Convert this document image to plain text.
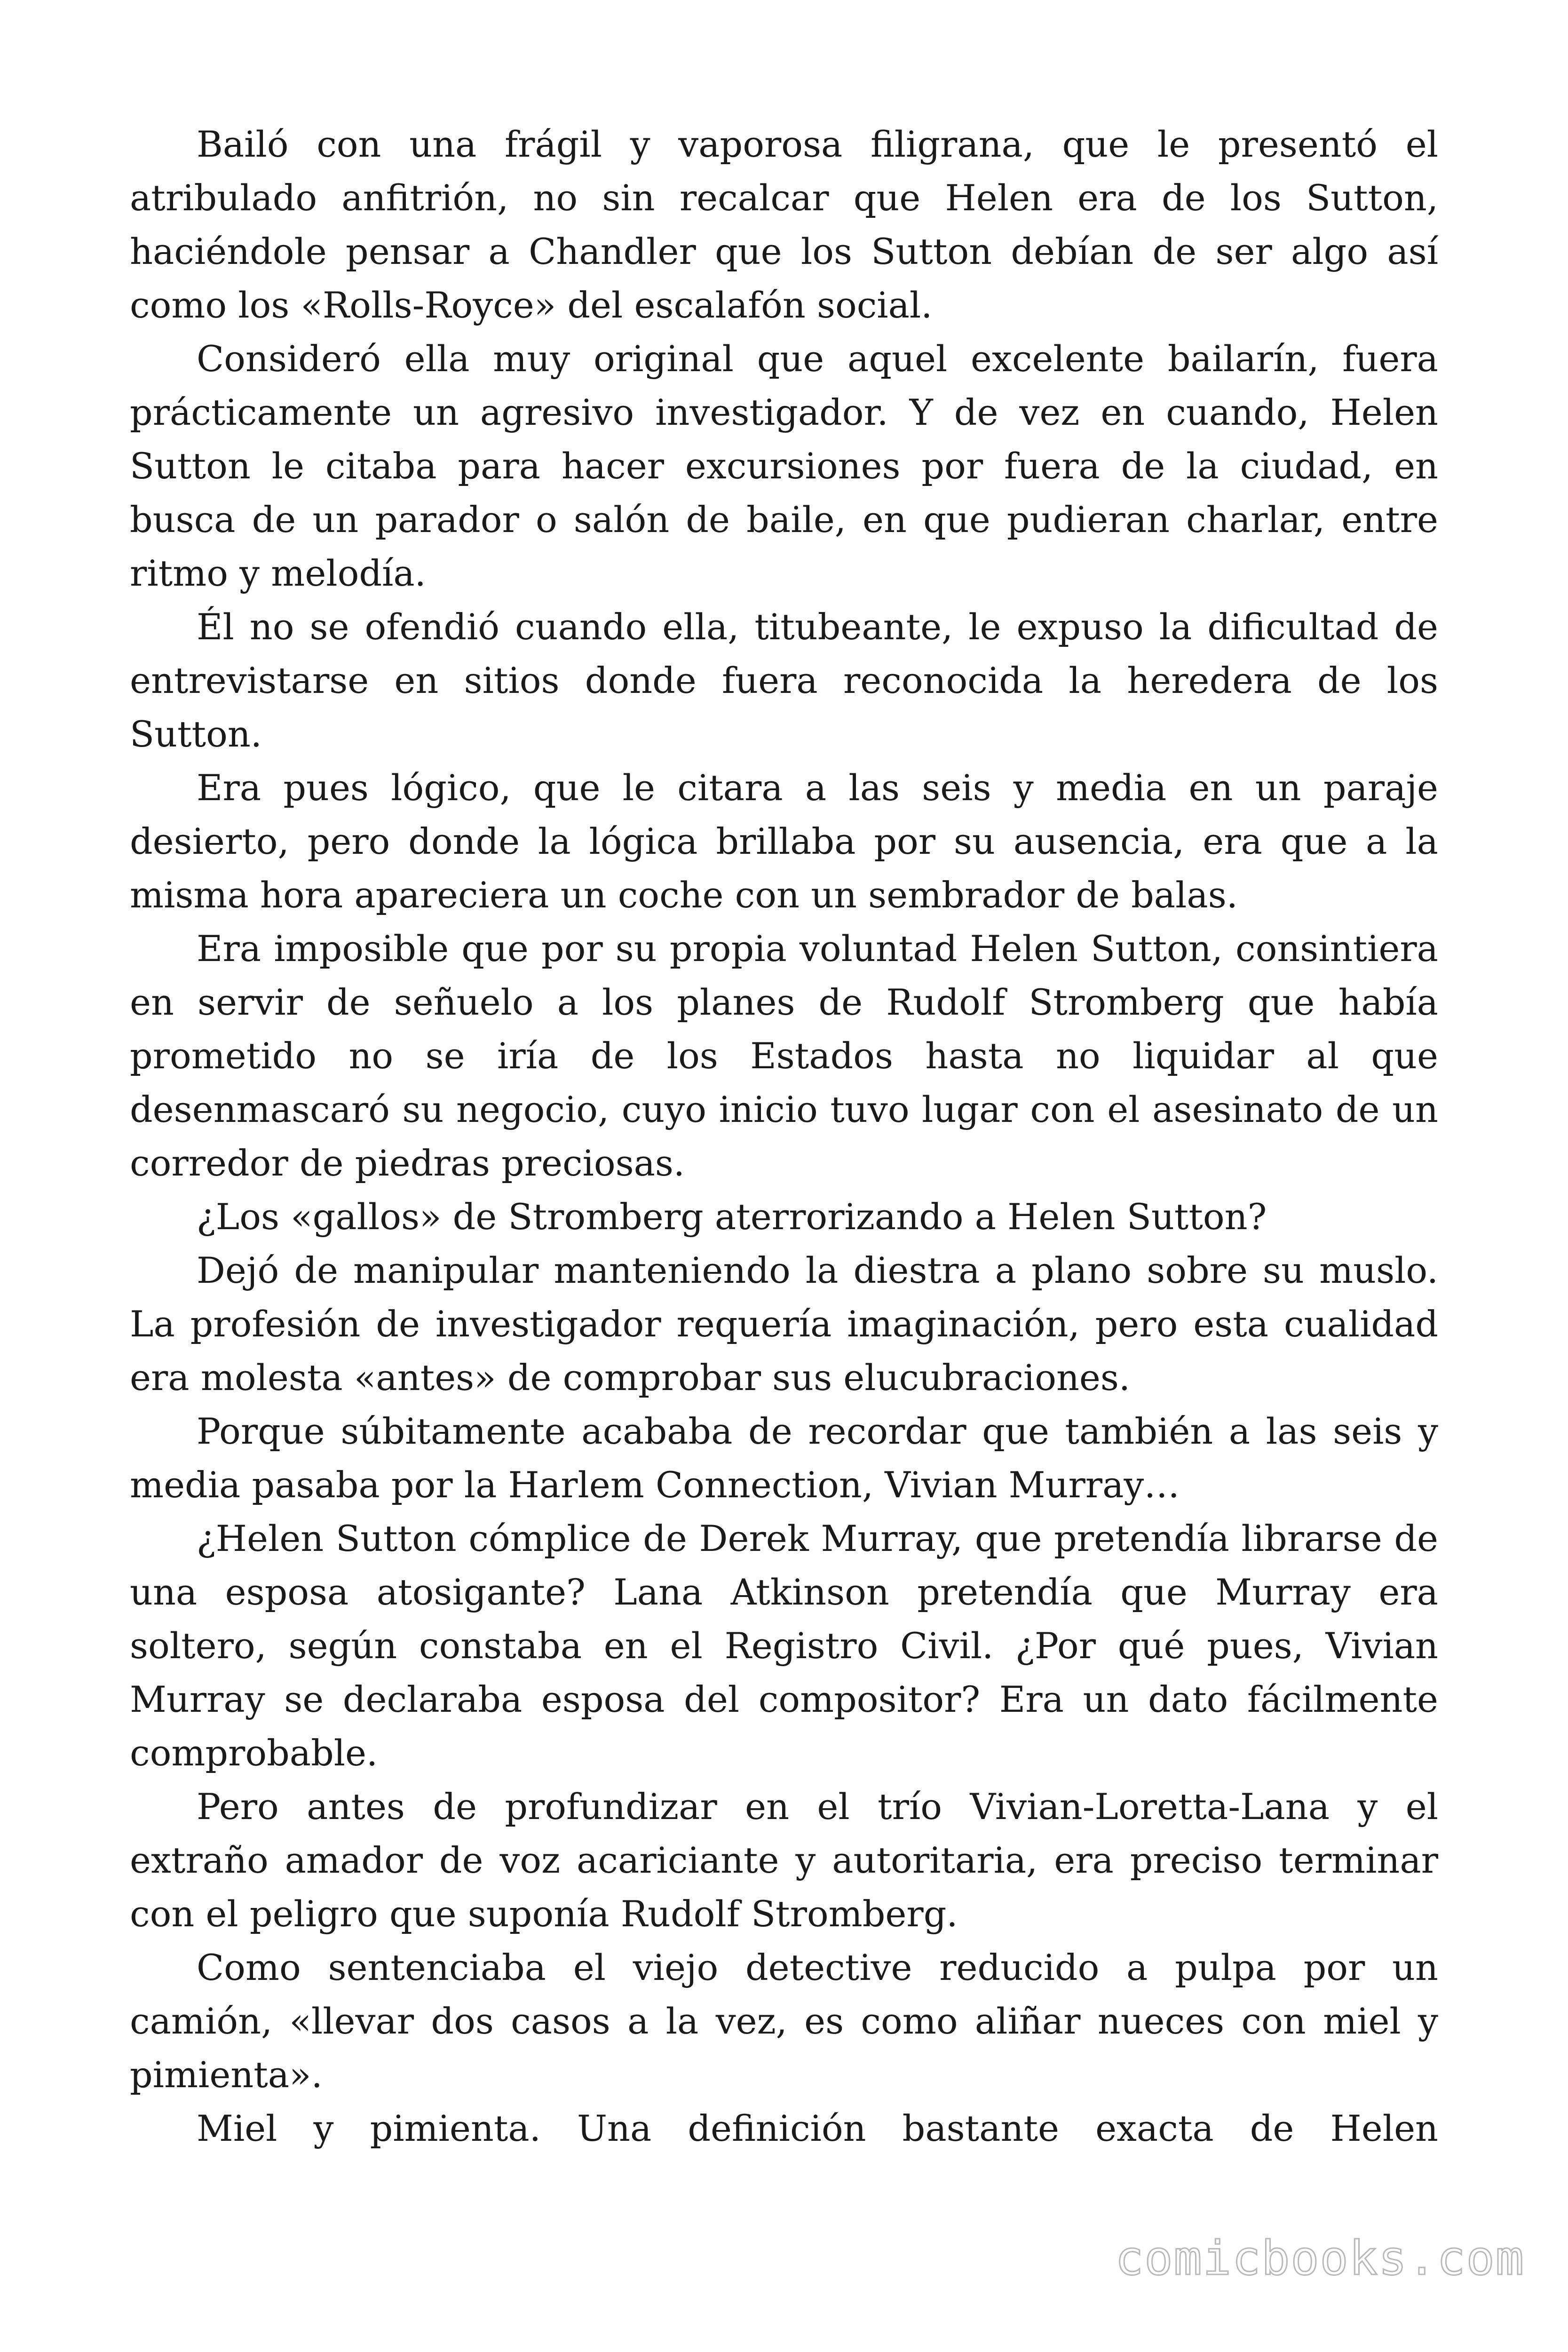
Bailó con una frágil y vaporosa filigrana, que le presentó el atribulado anfitrión, no sin recalcar que Helen era de los Sutton, haciéndole pensar a Chandler que los Sutton debían de ser algo así como los «Rolls-Royce» del escalafón social.

Consideró ella muy original que aquel excelente bailarín, fuera prácticamente un agresivo investigador. Y de vez en cuando, Helen Sutton le citaba para hacer excursiones por fuera de la ciudad, en busca de un parador o salón de baile, en que pudieran charlar, entre ritmo y melodía.

Él no se ofendió cuando ella, titubeante, le expuso la dificultad de entrevistarse en sitios donde fuera reconocida la heredera de los Sutton.

Era pues lógico, que le citara a las seis y media en un paraje desierto, pero donde la lógica brillaba por su ausencia, era que a la misma hora apareciera un coche con un sembrador de balas.

Era imposible que por su propia voluntad Helen Sutton, consintiera en servir de señuelo a los planes de Rudolf Stromberg que había prometido no se iría de los Estados hasta no liquidar al que desenmascaró su negocio, cuyo inicio tuvo lugar con el asesinato de un corredor de piedras preciosas.

¿Los «gallos» de Stromberg aterrorizando a Helen Sutton?

Dejó de manipular manteniendo la diestra a plano sobre su muslo. La profesión de investigador requería imaginación, pero esta cualidad era molesta «antes» de comprobar sus elucubraciones.

Porque súbitamente acababa de recordar que también a las seis y media pasaba por la Harlem Connection, Vivian Murray…

¿Helen Sutton cómplice de Derek Murray, que pretendía librarse de una esposa atosigante? Lana Atkinson pretendía que Murray era soltero, según constaba en el Registro Civil. ¿Por qué pues, Vivian Murray se declaraba esposa del compositor? Era un dato fácilmente comprobable.

Pero antes de profundizar en el trío Vivian-Loretta-Lana y el extraño amador de voz acariciante y autoritaria, era preciso terminar con el peligro que suponía Rudolf Stromberg.

Como sentenciaba el viejo detective reducido a pulpa por un camión, «llevar dos casos a la vez, es como aliñar nueces con miel y pimienta».

Miel y pimienta. Una definición bastante exacta de Helen

comicbooks.com
